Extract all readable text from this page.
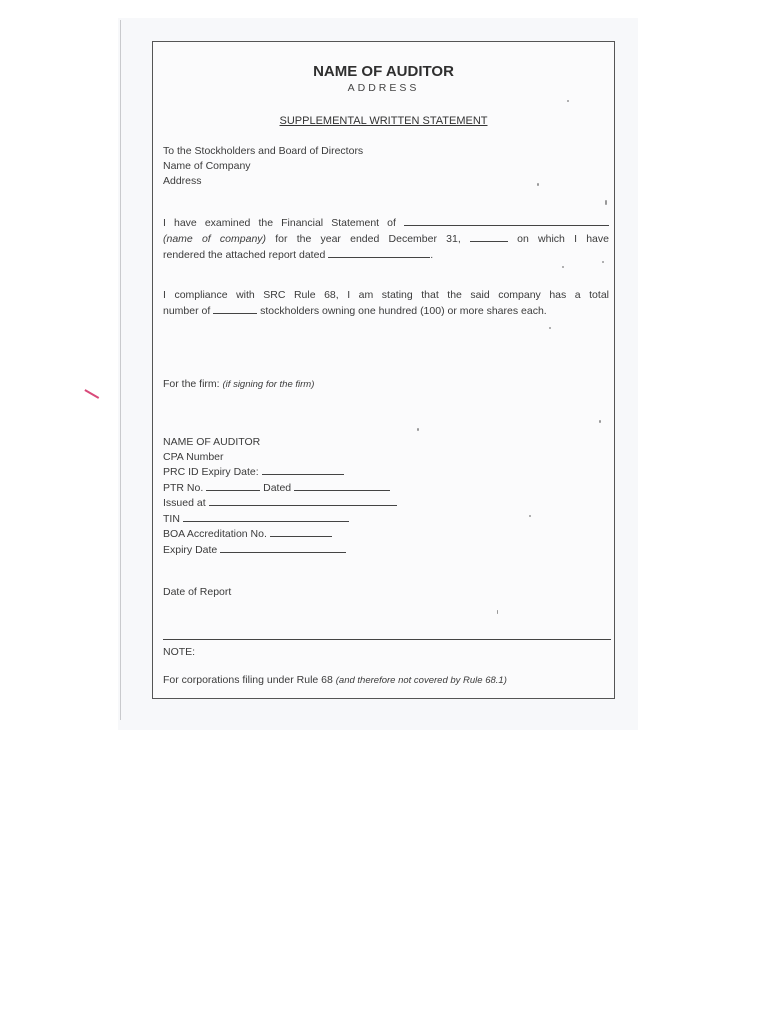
NAME OF AUDITOR
ADDRESS
SUPPLEMENTAL WRITTEN STATEMENT
To the Stockholders and Board of Directors
Name of Company
Address
I have examined the Financial Statement of
(name of company) for the year ended December 31,	on which I have
rendered the attached report dated	.
I compliance with SRC Rule 68, I am stating that the said company has a total
number of	stockholders owning one hundred (100) or more shares each.
For the firm: (if signing for the firm)
NAME OF AUDITOR
CPA Number
PRC ID Expiry Date:
PTR No.	Dated
Issued at
TIN
BOA Accreditation No.
Expiry Date
Date of Report
NOTE:
For corporations filing under Rule 68 (and therefore not covered by Rule 68.1)
